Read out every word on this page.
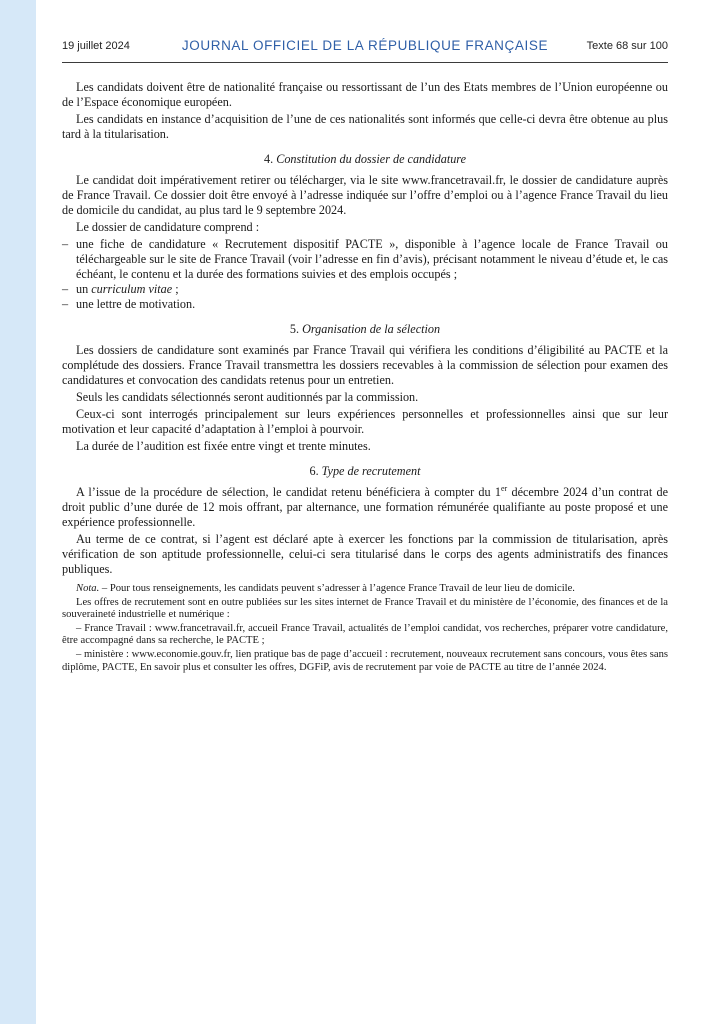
19 juillet 2024	JOURNAL OFFICIEL DE LA RÉPUBLIQUE FRANÇAISE	Texte 68 sur 100

Les candidats doivent être de nationalité française ou ressortissant de l’un des Etats membres de l’Union européenne ou de l’Espace économique européen.

Les candidats en instance d’acquisition de l’une de ces nationalités sont informés que celle-ci devra être obtenue au plus tard à la titularisation.

4. Constitution du dossier de candidature

Le candidat doit impérativement retirer ou télécharger, via le site www.francetravail.fr, le dossier de candidature auprès de France Travail. Ce dossier doit être envoyé à l’adresse indiquée sur l’offre d’emploi ou à l’agence France Travail du lieu de domicile du candidat, au plus tard le 9 septembre 2024.

Le dossier de candidature comprend :

– une fiche de candidature « Recrutement dispositif PACTE », disponible à l’agence locale de France Travail ou téléchargeable sur le site de France Travail (voir l’adresse en fin d’avis), précisant notamment le niveau d’étude et, le cas échéant, le contenu et la durée des formations suivies et des emplois occupés ;
– un curriculum vitae ;
– une lettre de motivation.
5. Organisation de la sélection

Les dossiers de candidature sont examinés par France Travail qui vérifiera les conditions d’éligibilité au PACTE et la complétude des dossiers. France Travail transmettra les dossiers recevables à la commission de sélection pour examen des candidatures et convocation des candidats retenus pour un entretien.

Seuls les candidats sélectionnés seront auditionnés par la commission.

Ceux-ci sont interrogés principalement sur leurs expériences personnelles et professionnelles ainsi que sur leur motivation et leur capacité d’adaptation à l’emploi à pourvoir.

La durée de l’audition est fixée entre vingt et trente minutes.

6. Type de recrutement

A l’issue de la procédure de sélection, le candidat retenu bénéficiera à compter du 1er décembre 2024 d’un contrat de droit public d’une durée de 12 mois offrant, par alternance, une formation rémunérée qualifiante au poste proposé et une expérience professionnelle.

Au terme de ce contrat, si l’agent est déclaré apte à exercer les fonctions par la commission de titularisation, après vérification de son aptitude professionnelle, celui-ci sera titularisé dans le corps des agents administratifs des finances publiques.

Nota. – Pour tous renseignements, les candidats peuvent s’adresser à l’agence France Travail de leur lieu de domicile.

Les offres de recrutement sont en outre publiées sur les sites internet de France Travail et du ministère de l’économie, des finances et de la souveraineté industrielle et numérique :

– France Travail : www.francetravail.fr, accueil France Travail, actualités de l’emploi candidat, vos recherches, préparer votre candidature, être accompagné dans sa recherche, le PACTE ;

– ministère : www.economie.gouv.fr, lien pratique bas de page d’accueil : recrutement, nouveaux recrutement sans concours, vous êtes sans diplôme, PACTE, En savoir plus et consulter les offres, DGFiP, avis de recrutement par voie de PACTE au titre de l’année 2024.
